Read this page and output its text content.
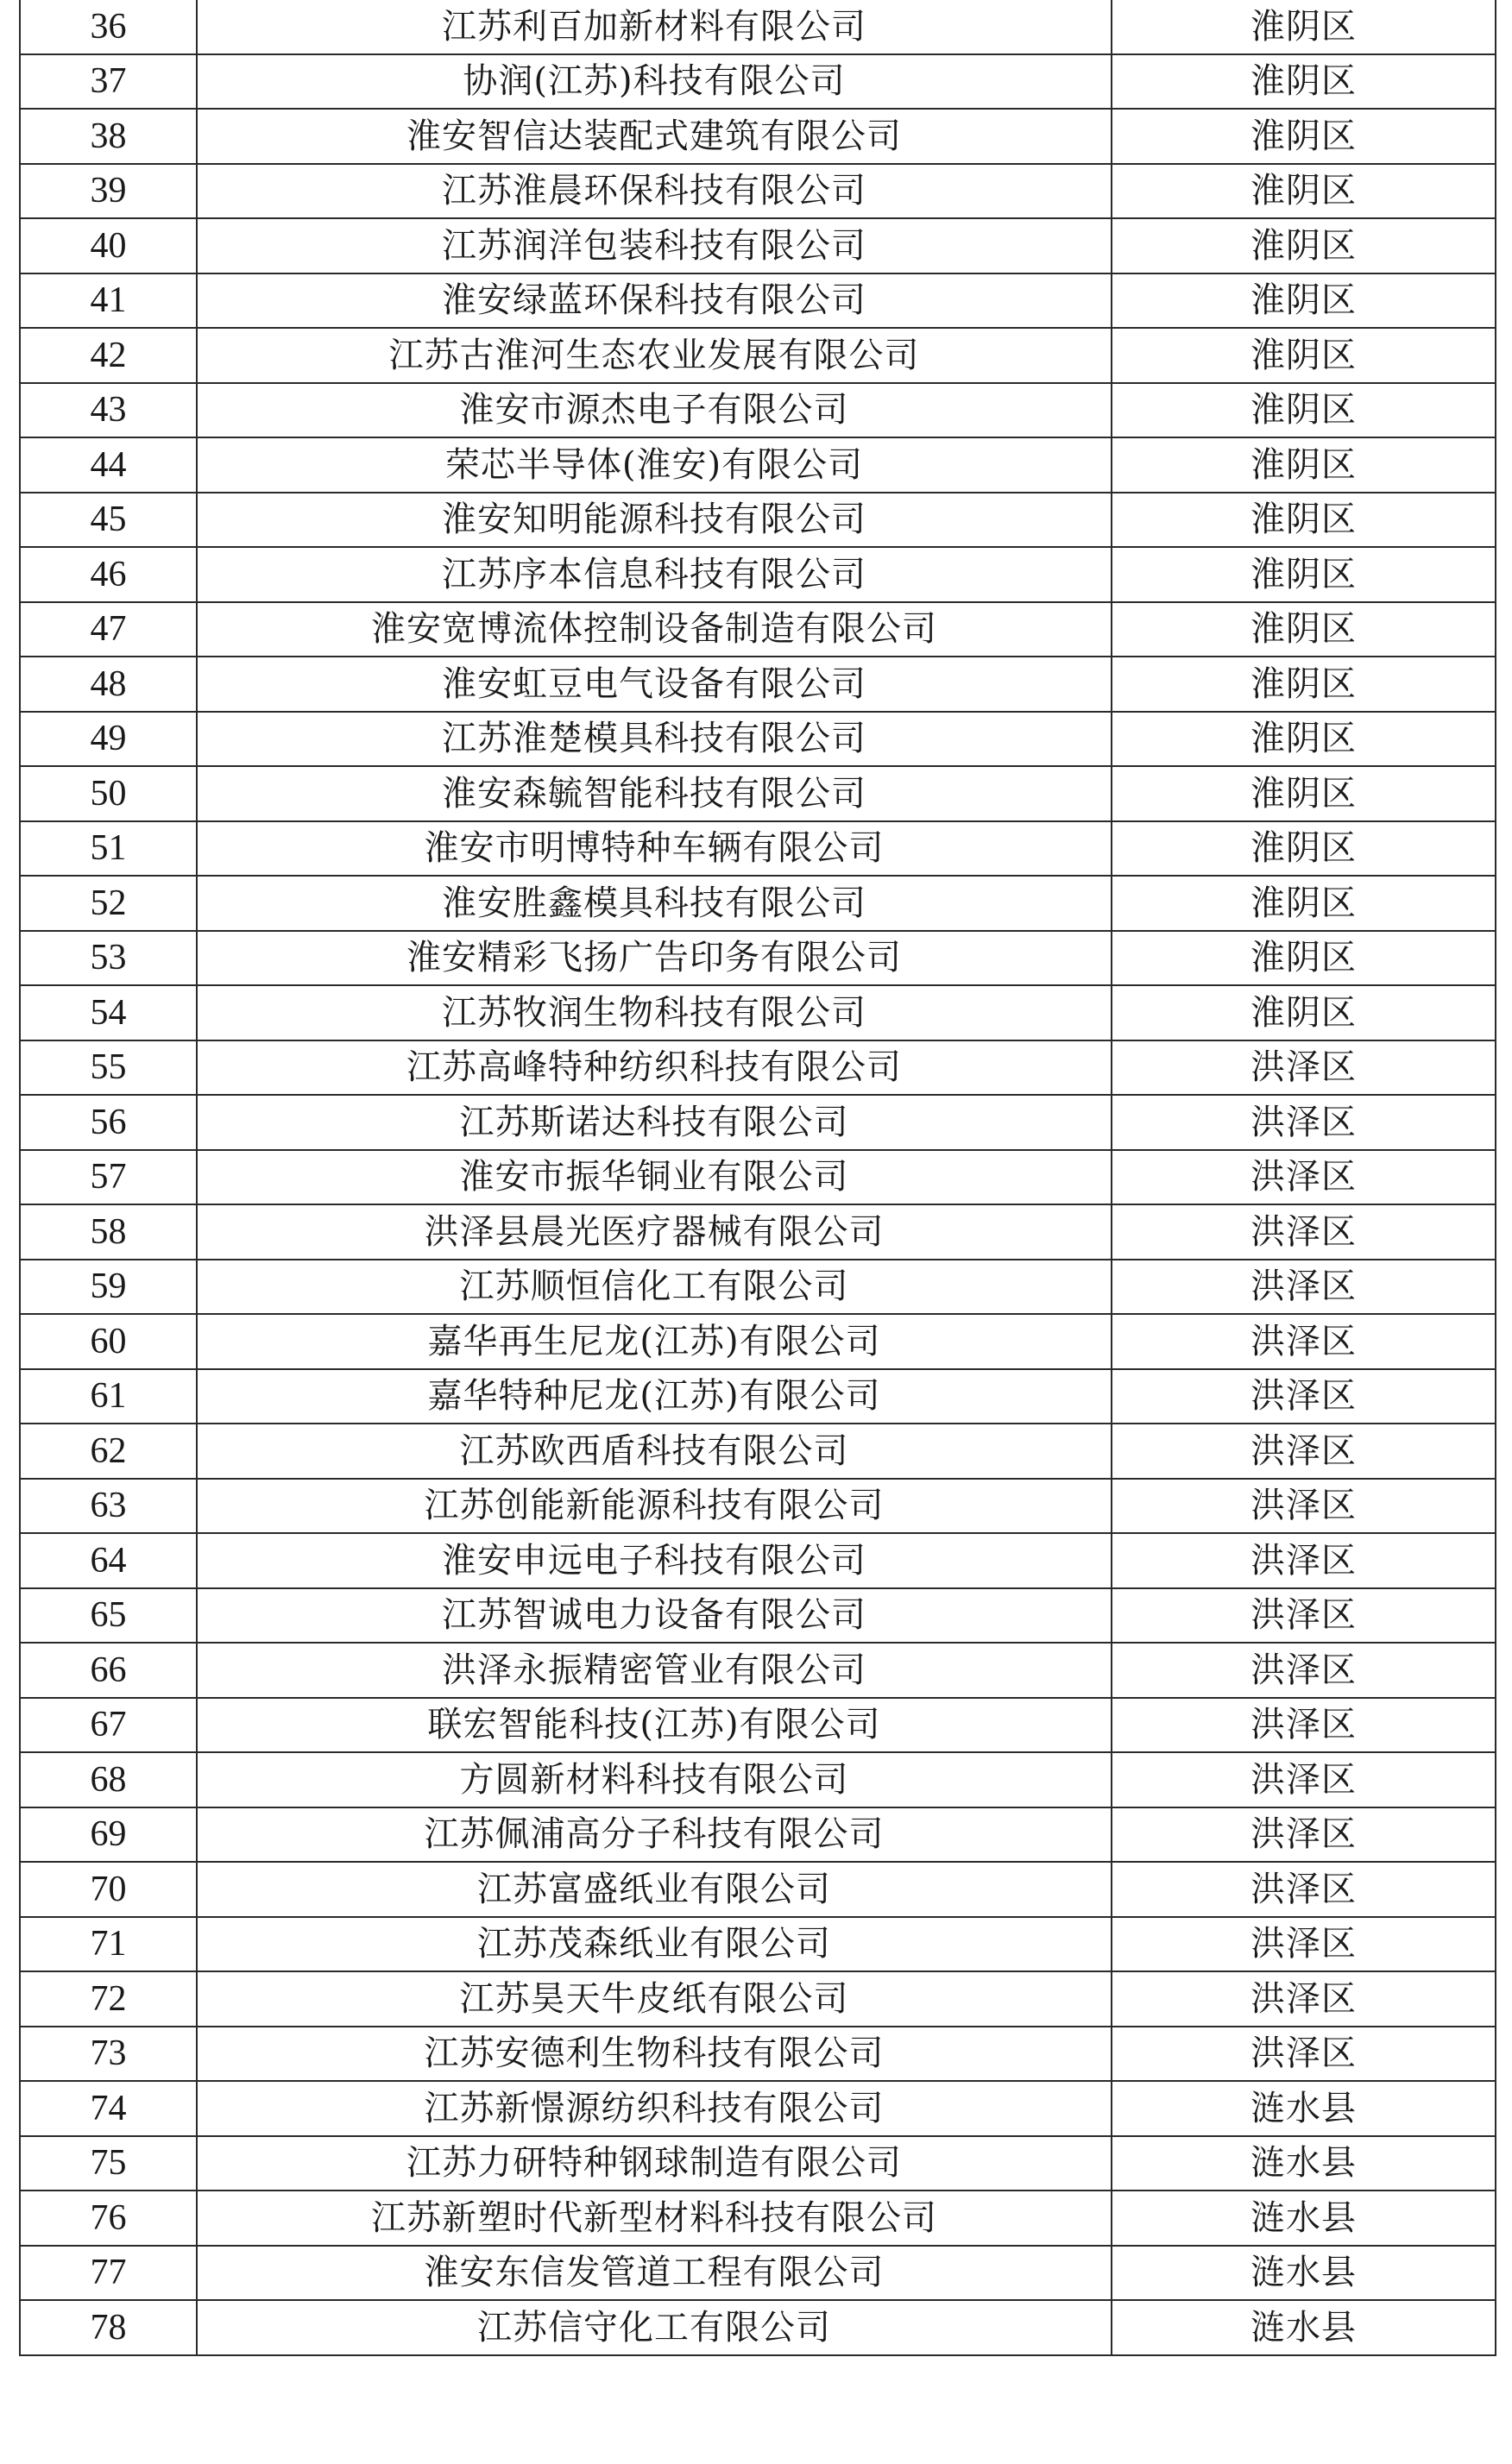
36	江苏利百加新材料有限公司	淮阴区
37	协润(江苏)科技有限公司	淮阴区
38	淮安智信达装配式建筑有限公司	淮阴区
39	江苏淮晨环保科技有限公司	淮阴区
40	江苏润洋包装科技有限公司	淮阴区
41	淮安绿蓝环保科技有限公司	淮阴区
42	江苏古淮河生态农业发展有限公司	淮阴区
43	淮安市源杰电子有限公司	淮阴区
44	荣芯半导体(淮安)有限公司	淮阴区
45	淮安知明能源科技有限公司	淮阴区
46	江苏序本信息科技有限公司	淮阴区
47	淮安宽博流体控制设备制造有限公司	淮阴区
48	淮安虹豆电气设备有限公司	淮阴区
49	江苏淮楚模具科技有限公司	淮阴区
50	淮安森毓智能科技有限公司	淮阴区
51	淮安市明博特种车辆有限公司	淮阴区
52	淮安胜鑫模具科技有限公司	淮阴区
53	淮安精彩飞扬广告印务有限公司	淮阴区
54	江苏牧润生物科技有限公司	淮阴区
55	江苏高峰特种纺织科技有限公司	洪泽区
56	江苏斯诺达科技有限公司	洪泽区
57	淮安市振华铜业有限公司	洪泽区
58	洪泽县晨光医疗器械有限公司	洪泽区
59	江苏顺恒信化工有限公司	洪泽区
60	嘉华再生尼龙(江苏)有限公司	洪泽区
61	嘉华特种尼龙(江苏)有限公司	洪泽区
62	江苏欧西盾科技有限公司	洪泽区
63	江苏创能新能源科技有限公司	洪泽区
64	淮安申远电子科技有限公司	洪泽区
65	江苏智诚电力设备有限公司	洪泽区
66	洪泽永振精密管业有限公司	洪泽区
67	联宏智能科技(江苏)有限公司	洪泽区
68	方圆新材料科技有限公司	洪泽区
69	江苏佩浦高分子科技有限公司	洪泽区
70	江苏富盛纸业有限公司	洪泽区
71	江苏茂森纸业有限公司	洪泽区
72	江苏昊天牛皮纸有限公司	洪泽区
73	江苏安德利生物科技有限公司	洪泽区
74	江苏新憬源纺织科技有限公司	涟水县
75	江苏力研特种钢球制造有限公司	涟水县
76	江苏新塑时代新型材料科技有限公司	涟水县
77	淮安东信发管道工程有限公司	涟水县
78	江苏信守化工有限公司	涟水县
